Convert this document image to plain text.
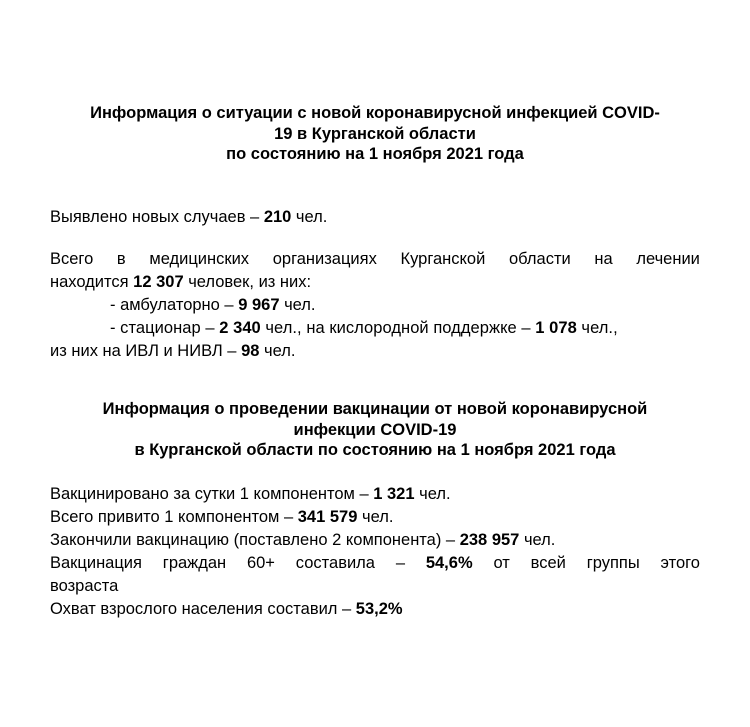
Информация о ситуации с новой коронавирусной инфекцией COVID-
19 в Курганской области
по состоянию на 1 ноября 2021 года
Выявлено новых случаев – 210 чел.
Всего в медицинских организациях Курганской области на лечении
находится 12 307 человек, из них:
- амбулаторно – 9 967 чел.
- стационар – 2 340 чел., на кислородной поддержке – 1 078 чел.,
из них на ИВЛ и НИВЛ – 98 чел.
Информация о проведении вакцинации от новой коронавирусной
инфекции COVID-19
в Курганской области по состоянию на 1 ноября 2021 года
Вакцинировано за сутки 1 компонентом – 1 321 чел.
Всего привито 1 компонентом – 341 579 чел.
Закончили вакцинацию (поставлено 2 компонента) – 238 957 чел.
Вакцинация граждан 60+ составила – 54,6% от всей группы этого
возраста
Охват взрослого населения составил – 53,2%
